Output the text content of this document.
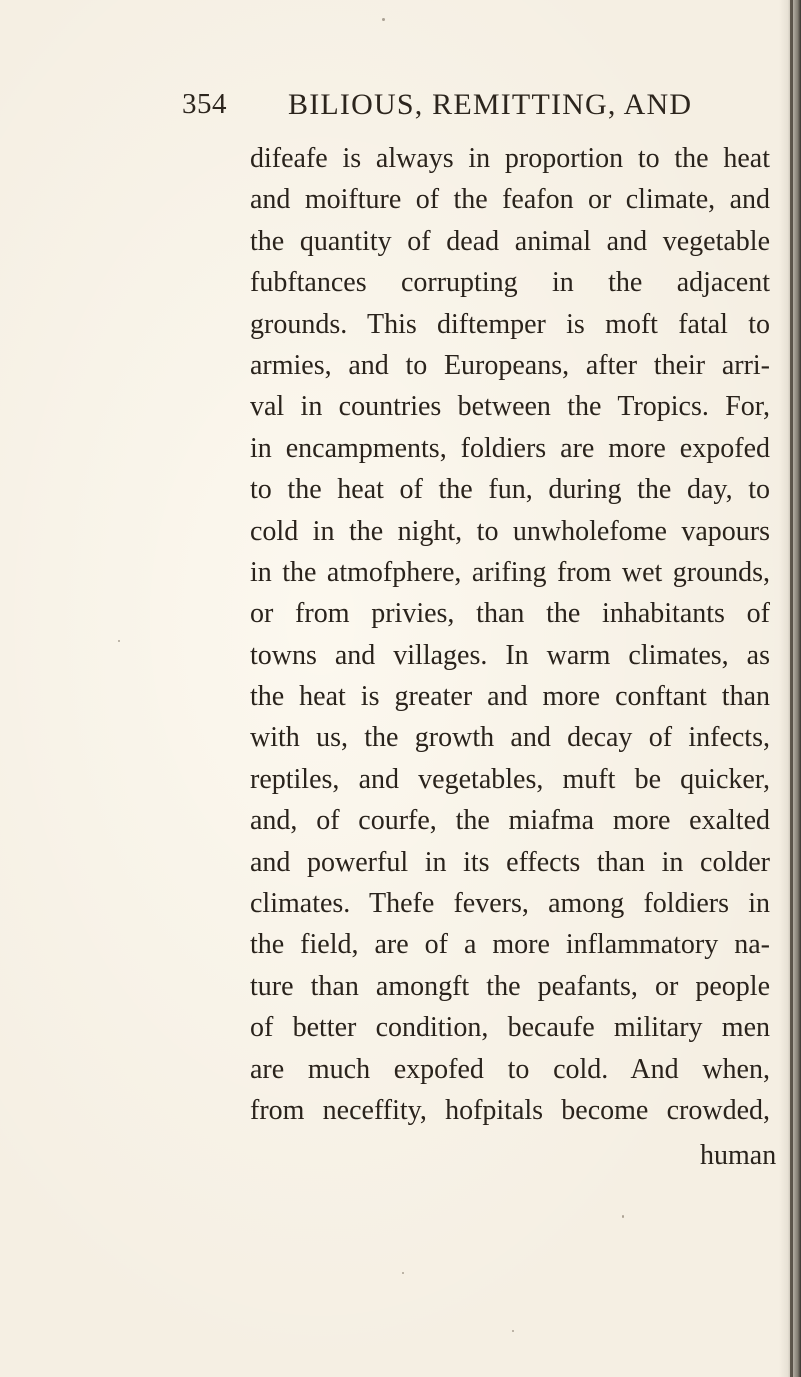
354 BILIOUS, REMITTING, AND
difeafe is always in proportion to the heat
and moifture of the feafon or climate, and
the quantity of dead animal and vegetable
fubftances corrupting in the adjacent
grounds. This diftemper is moft fatal to
armies, and to Europeans, after their arri-
val in countries between the Tropics. For,
in encampments, foldiers are more expofed
to the heat of the fun, during the day, to
cold in the night, to unwholefome vapours
in the atmofphere, arifing from wet grounds,
or from privies, than the inhabitants of
towns and villages. In warm climates, as
the heat is greater and more conftant than
with us, the growth and decay of infects,
reptiles, and vegetables, muft be quicker,
and, of courfe, the miafma more exalted
and powerful in its effects than in colder
climates. Thefe fevers, among foldiers in
the field, are of a more inflammatory na-
ture than amongft the peafants, or people
of better condition, becaufe military men
are much expofed to cold. And when,
from neceffity, hofpitals become crowded,
human
